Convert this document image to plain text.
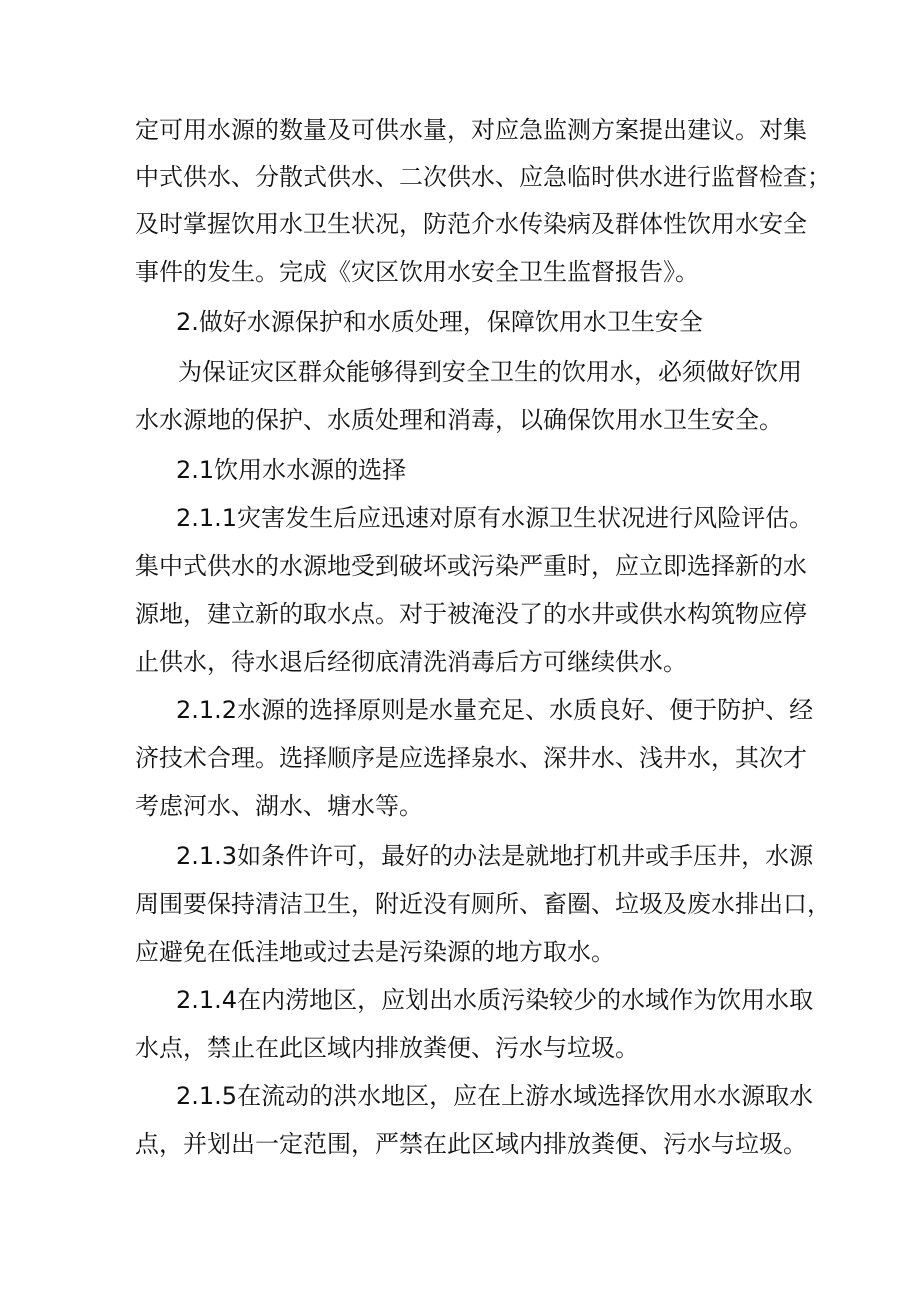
定可用水源的数量及可供水量，对应急监测方案提出建议。对集
中式供水、分散式供水、二次供水、应急临时供水进行监督检查；
及时掌握饮用水卫生状况，防范介水传染病及群体性饮用水安全
事件的发生。完成《灾区饮用水安全卫生监督报告》。
2.做好水源保护和水质处理，保障饮用水卫生安全
为保证灾区群众能够得到安全卫生的饮用水，必须做好饮用
水水源地的保护、水质处理和消毒，以确保饮用水卫生安全。
2.1饮用水水源的选择
2.1.1灾害发生后应迅速对原有水源卫生状况进行风险评估。
集中式供水的水源地受到破坏或污染严重时，应立即选择新的水
源地，建立新的取水点。对于被淹没了的水井或供水构筑物应停
止供水，待水退后经彻底清洗消毒后方可继续供水。
2.1.2水源的选择原则是水量充足、水质良好、便于防护、经
济技术合理。选择顺序是应选择泉水、深井水、浅井水，其次才
考虑河水、湖水、塘水等。
2.1.3如条件许可，最好的办法是就地打机井或手压井，水源
周围要保持清洁卫生，附近没有厕所、畜圈、垃圾及废水排出口，
应避免在低洼地或过去是污染源的地方取水。
2.1.4在内涝地区，应划出水质污染较少的水域作为饮用水取
水点，禁止在此区域内排放粪便、污水与垃圾。
2.1.5在流动的洪水地区，应在上游水域选择饮用水水源取水
点，并划出一定范围，严禁在此区域内排放粪便、污水与垃圾。
